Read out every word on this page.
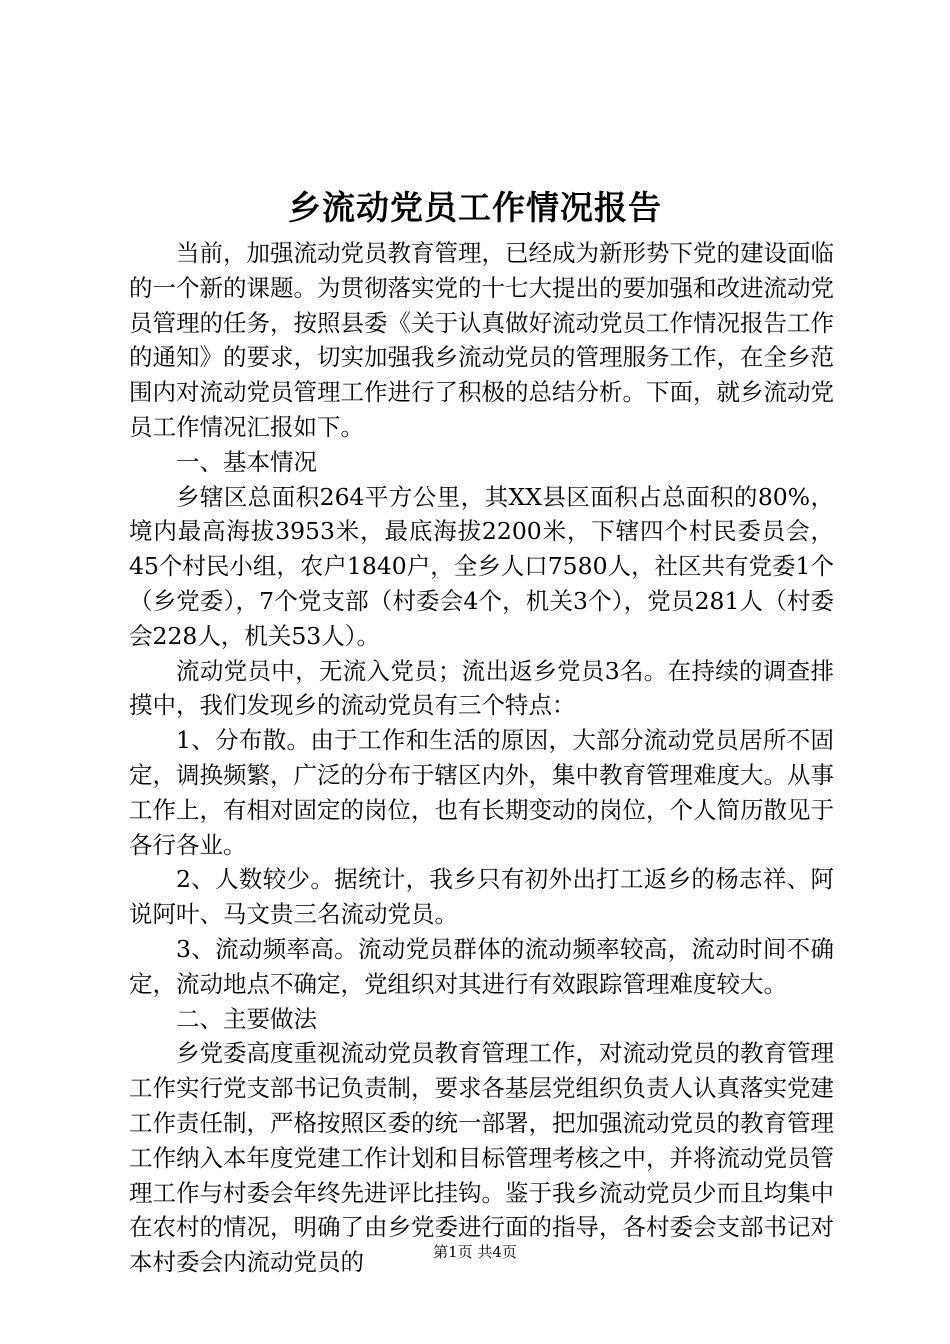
乡流动党员工作情况报告

当前，加强流动党员教育管理，已经成为新形势下党的建设面临的一个新的课题。为贯彻落实党的十七大提出的要加强和改进流动党员管理的任务，按照县委《关于认真做好流动党员工作情况报告工作的通知》的要求，切实加强我乡流动党员的管理服务工作，在全乡范围内对流动党员管理工作进行了积极的总结分析。下面，就乡流动党员工作情况汇报如下。

一、基本情况

乡辖区总面积264平方公里，其XX县区面积占总面积的80%，境内最高海拔3953米，最底海拔2200米，下辖四个村民委员会，45个村民小组，农户1840户，全乡人口7580人，社区共有党委1个（乡党委），7个党支部（村委会4个，机关3个），党员281人（村委会228人，机关53人）。

流动党员中，无流入党员；流出返乡党员3名。在持续的调查排摸中，我们发现乡的流动党员有三个特点：

1、分布散。由于工作和生活的原因，大部分流动党员居所不固定，调换频繁，广泛的分布于辖区内外，集中教育管理难度大。从事工作上，有相对固定的岗位，也有长期变动的岗位，个人简历散见于各行各业。

2、人数较少。据统计，我乡只有初外出打工返乡的杨志祥、阿说阿叶、马文贵三名流动党员。

3、流动频率高。流动党员群体的流动频率较高，流动时间不确定，流动地点不确定，党组织对其进行有效跟踪管理难度较大。

二、主要做法

乡党委高度重视流动党员教育管理工作，对流动党员的教育管理工作实行党支部书记负责制，要求各基层党组织负责人认真落实党建工作责任制，严格按照区委的统一部署，把加强流动党员的教育管理工作纳入本年度党建工作计划和目标管理考核之中，并将流动党员管理工作与村委会年终先进评比挂钩。鉴于我乡流动党员少而且均集中在农村的情况，明确了由乡党委进行面的指导，各村委会支部书记对本村委会内流动党员的	第1页 共4页
